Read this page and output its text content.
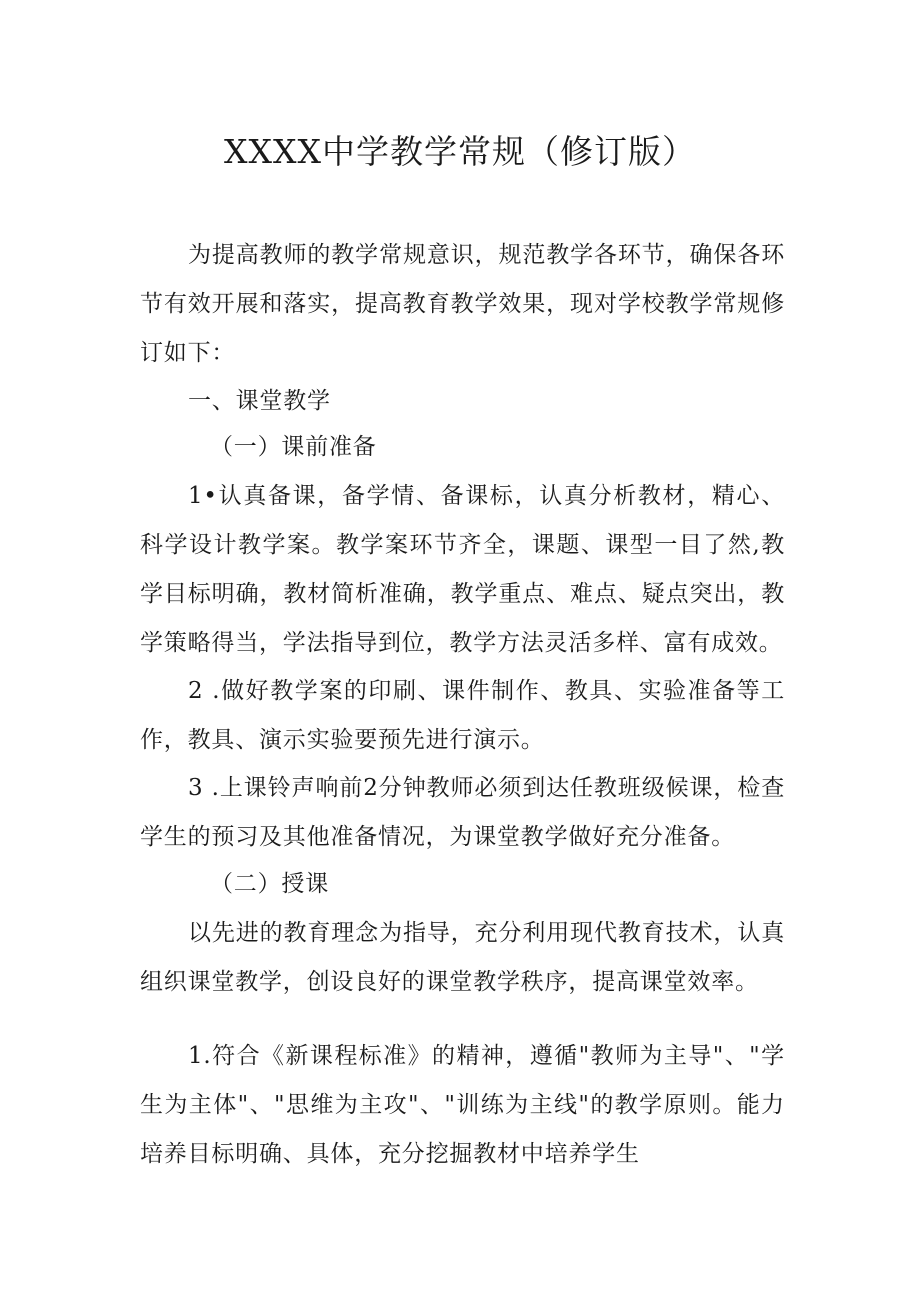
XXXX中学教学常规（修订版）

为提高教师的教学常规意识，规范教学各环节，确保各环节有效开展和落实，提高教育教学效果，现对学校教学常规修订如下：

一、课堂教学

（一）课前准备

1•认真备课，备学情、备课标，认真分析教材，精心、科学设计教学案。教学案环节齐全，课题、课型一目了然,教学目标明确，教材简析准确，教学重点、难点、疑点突出，教学策略得当，学法指导到位，教学方法灵活多样、富有成效。

2 .做好教学案的印刷、课件制作、教具、实验准备等工作，教具、演示实验要预先进行演示。

3 .上课铃声响前2分钟教师必须到达任教班级候课，检查学生的预习及其他准备情况，为课堂教学做好充分准备。

（二）授课

以先进的教育理念为指导，充分利用现代教育技术，认真组织课堂教学，创设良好的课堂教学秩序，提高课堂效率。

1.符合《新课程标准》的精神，遵循"教师为主导"、"学生为主体"、"思维为主攻"、"训练为主线"的教学原则。能力培养目标明确、具体，充分挖掘教材中培养学生
